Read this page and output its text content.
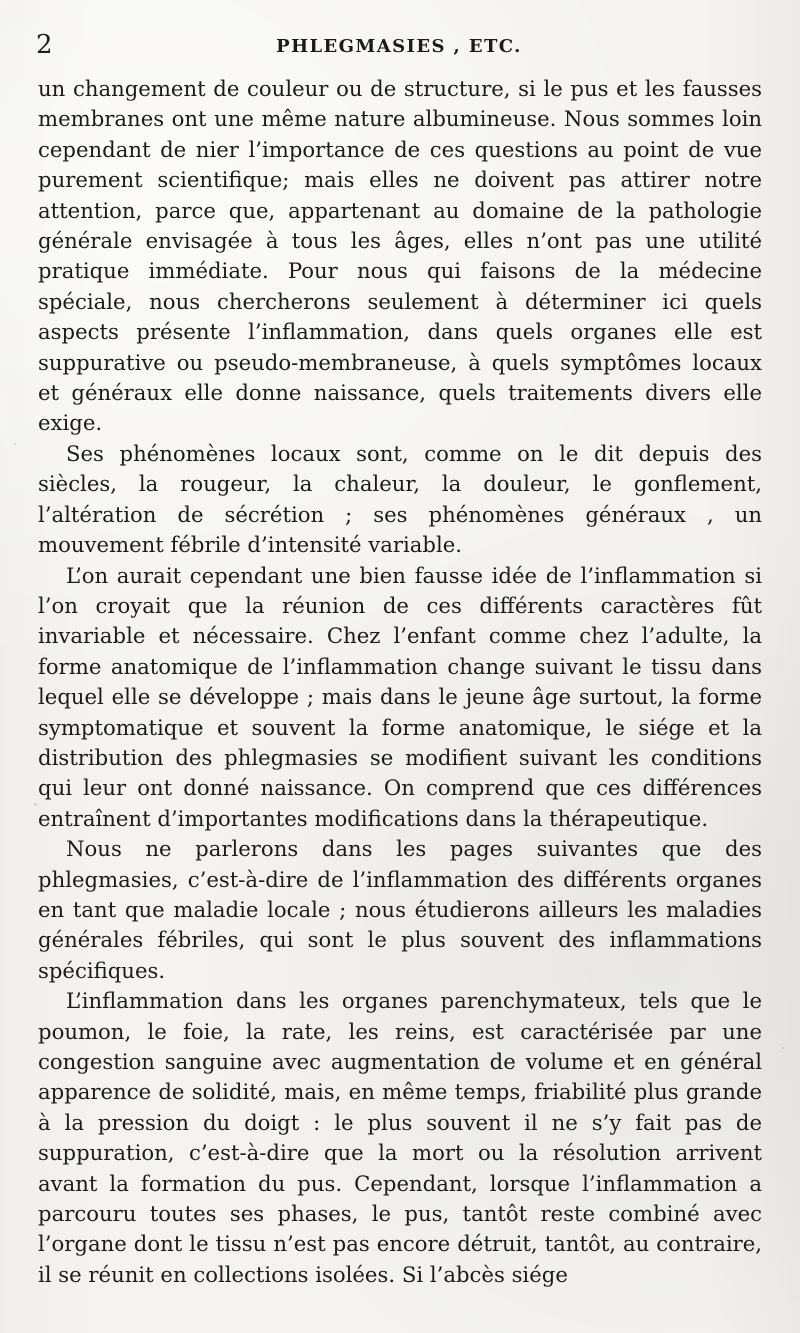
2	PHLEGMASIES , ETC.

un changement de couleur ou de structure, si le pus et les fausses membranes ont une même nature albumineuse. Nous sommes loin cependant de nier l’importance de ces questions au point de vue purement scientifique; mais elles ne doivent pas attirer notre attention, parce que, appartenant au domaine de la pathologie générale envisagée à tous les âges, elles n’ont pas une utilité pratique immédiate. Pour nous qui faisons de la médecine spéciale, nous chercherons seulement à déterminer ici quels aspects présente l’inflammation, dans quels organes elle est suppurative ou pseudo-membraneuse, à quels symptômes locaux et généraux elle donne naissance, quels traitements divers elle exige.

Ses phénomènes locaux sont, comme on le dit depuis des siècles, la rougeur, la chaleur, la douleur, le gonflement, l’altération de sécrétion ; ses phénomènes généraux , un mouvement fébrile d’intensité variable.

L’on aurait cependant une bien fausse idée de l’inflammation si l’on croyait que la réunion de ces différents caractères fût invariable et nécessaire. Chez l’enfant comme chez l’adulte, la forme anatomique de l’inflammation change suivant le tissu dans lequel elle se développe ; mais dans le jeune âge surtout, la forme symptomatique et souvent la forme anatomique, le siége et la distribution des phlegmasies se modifient suivant les conditions qui leur ont donné naissance. On comprend que ces différences entraînent d’importantes modifications dans la thérapeutique.

Nous ne parlerons dans les pages suivantes que des phlegmasies, c’est-à-dire de l’inflammation des différents organes en tant que maladie locale ; nous étudierons ailleurs les maladies générales fébriles, qui sont le plus souvent des inflammations spécifiques.

L’inflammation dans les organes parenchymateux, tels que le poumon, le foie, la rate, les reins, est caractérisée par une congestion sanguine avec augmentation de volume et en général apparence de solidité, mais, en même temps, friabilité plus grande à la pression du doigt : le plus souvent il ne s’y fait pas de suppuration, c’est-à-dire que la mort ou la résolution arrivent avant la formation du pus. Cependant, lorsque l’inflammation a parcouru toutes ses phases, le pus, tantôt reste combiné avec l’organe dont le tissu n’est pas encore détruit, tantôt, au contraire, il se réunit en collections isolées. Si l’abcès siége
